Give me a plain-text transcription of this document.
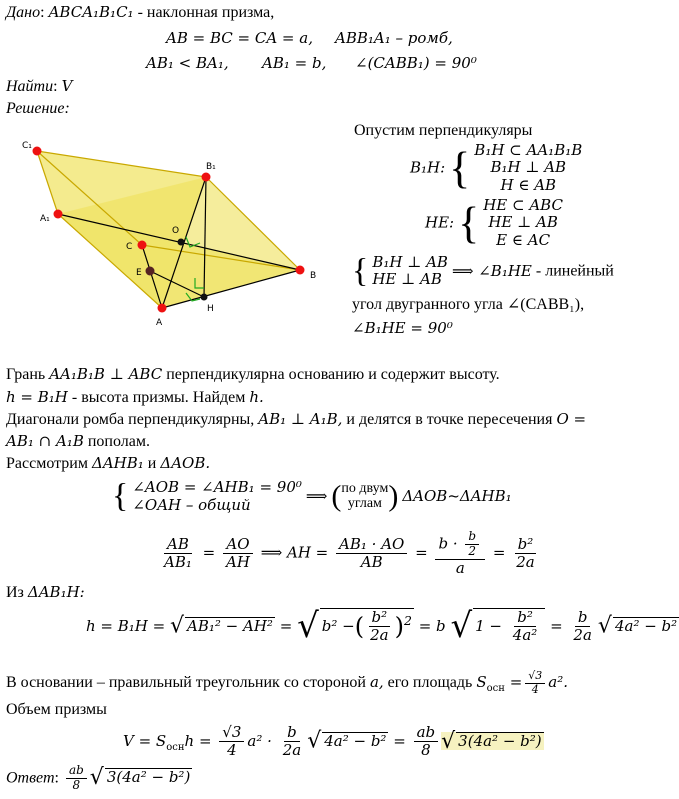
Дано: ABCA₁B₁C₁ - наклонная призма,
AB = BC = CA = a, ABB₁A₁ – ромб,
AB₁ < BA₁, AB₁ = b, ∠(CABB₁) = 90⁰
Найти: V
Решение:
C₁
B₁
A₁
O
C
E	B
A
H
Опустим перпендикуляры
B₁H: { B₁H ⊂ AA₁B₁B
B₁H ⊥ AB
H ∈ AB
HE: { HE ⊂ ABC
HE ⊥ AB
E ∈ AC
{ B₁H ⊥ AB
HE ⊥ AB ⟹ ∠B₁HE - линейный
угол двугранного угла ∠(CABB₁),
∠B₁HE = 90⁰
Грань AA₁B₁B ⊥ ABC перпендикулярна основанию и содержит высоту.
h = B₁H - высота призмы. Найдем h.
Диагонали ромба перпендикулярны, AB₁ ⊥ A₁B, и делятся в точке пересечения O =
AB₁ ∩ A₁B пополам.
Рассмотрим ΔAHB₁ и ΔAOB.
{ ∠AOB = ∠AHB₁ = 90⁰
∠OAH – общий
⟹ ( по двум
углам ) ΔAOB~ΔAHB₁
$\frac{AB}{\text{AB₁}} = \frac{AO}{AH}$ ⟹ AH = $\frac{\text{AB₁ · AO}}{AB} = \frac{b \cdot \frac{b}{2}}{a} = \frac{\text{b²}}{2a}$
Из ΔAB₁H:
h = B₁H = √ AB₁² − AH² = √ b² −( $\frac{\text{b²}}{2a} )^2 = b$ √ $1 - \frac{\text{b²}}{\text{4a²}} = \frac{b}{2a}$ √ 4a² − b²
В основании – правильный треугольник со стороной a, его площадь $S_{осн} = \frac{√3}{4} a^2$.
Объем призмы
$V = S_{осн}h = \frac{√3}{4} a^2 \cdot \frac{b}{2a}$ √ $4a^2 - b^2 = \frac{ab}{8}$ √ 3(4a² − b²)
Ответ: $\frac{ab}{8}$ √ 3(4a² − b²)
